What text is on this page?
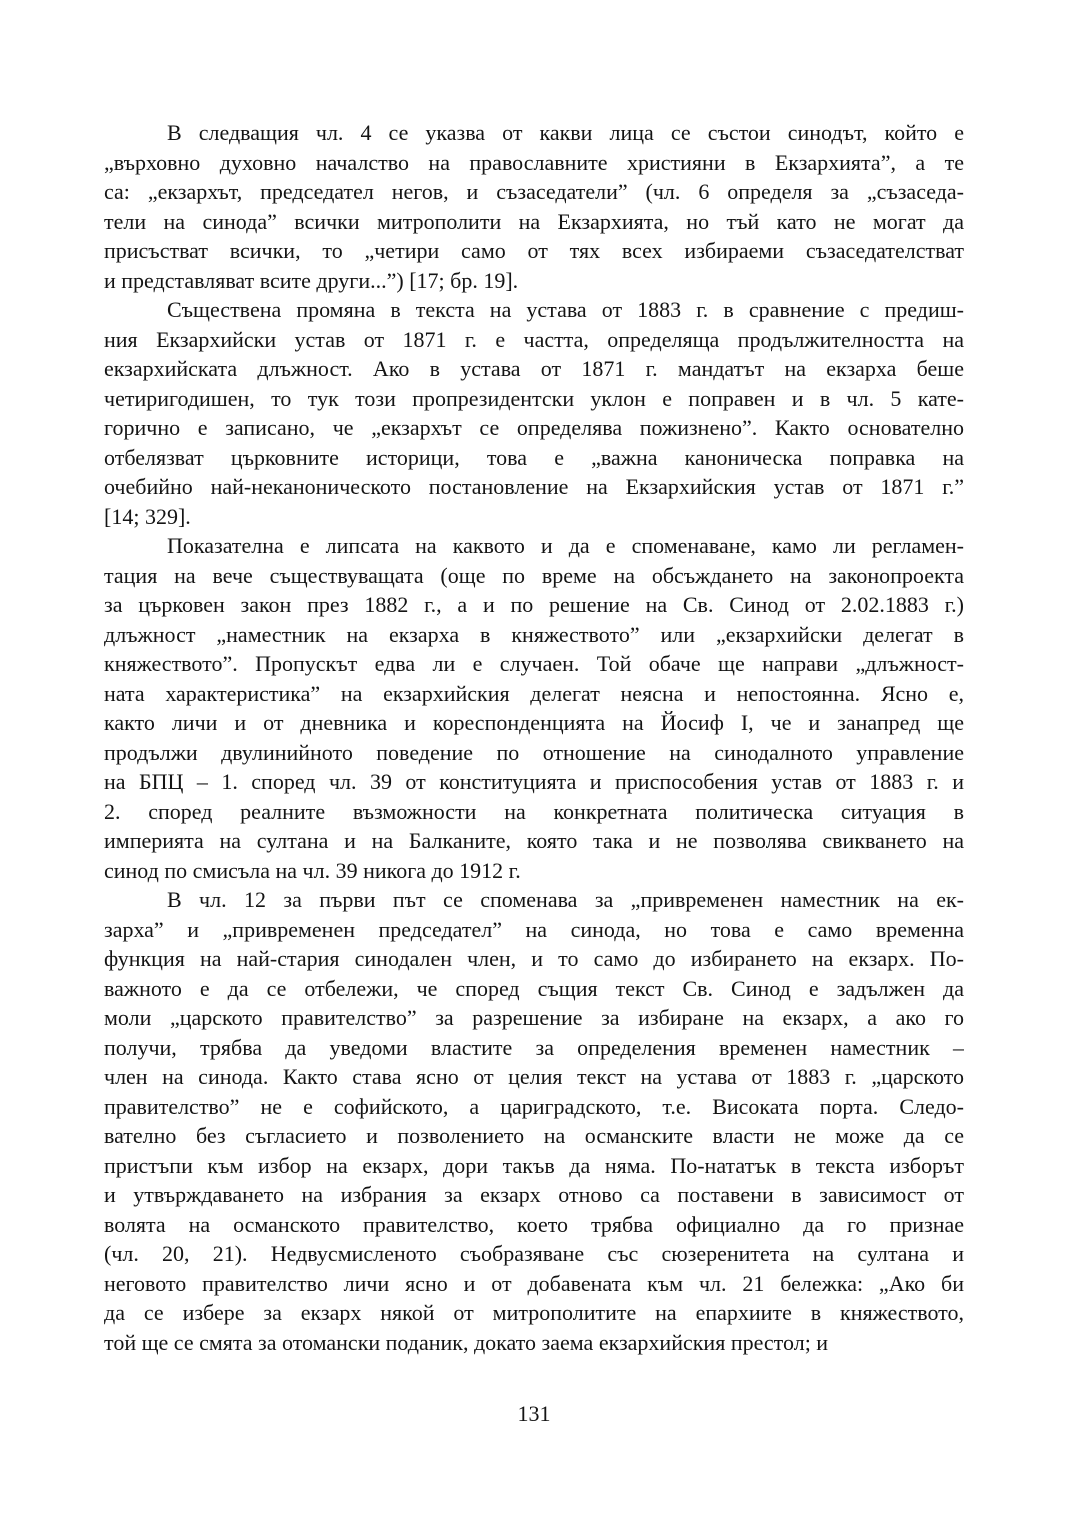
В следващия чл. 4 се указва от какви лица се състои синодът, който е
„върховно духовно началство на православните християни в Екзархията”, а те
са: „екзархът, председател негов, и съзаседатели” (чл. 6 определя за „съзаседа-
тели на синода” всички митрополити на Екзархията, но тъй като не могат да
присъстват всички, то „четири само от тях всех избираеми съзаседателстват
и представляват всите други...”) [17; бр. 19].
Съществена промяна в текста на устава от 1883 г. в сравнение с предиш-
ния Екзархийски устав от 1871 г. е частта, определяща продължителността на
екзархийската длъжност. Ако в устава от 1871 г. мандатът на екзарха беше
четиригодишен, то тук този пропрезидентски уклон е поправен и в чл. 5 кате-
горично е записано, че „екзархът се определява пожизнено”. Както основателно
отбелязват църковните историци, това е „важна каноническа поправка на
очебийно най-неканоническото постановление на Екзархийския устав от 1871 г.”
[14; 329].
Показателна е липсата на каквото и да е споменаване, камо ли регламен-
тация на вече съществуващата (още по време на обсъждането на законопроекта
за църковен закон през 1882 г., а и по решение на Св. Синод от 2.02.1883 г.)
длъжност „наместник на екзарха в княжеството” или „екзархийски делегат в
княжеството”. Пропускът едва ли е случаен. Той обаче ще направи „длъжност-
ната характеристика” на екзархийския делегат неясна и непостоянна. Ясно е,
както личи и от дневника и кореспонденцията на Йосиф I, че и занапред ще
продължи двулинийното поведение по отношение на синодалното управление
на БПЦ – 1. според чл. 39 от конституцията и приспособения устав от 1883 г. и
2. според реалните възможности на конкретната политическа ситуация в
империята на султана и на Балканите, която така и не позволява свикването на
синод по смисъла на чл. 39 никога до 1912 г.
В чл. 12 за първи път се споменава за „привременен наместник на ек-
зарха” и „привременен председател” на синода, но това е само временна
функция на най-стария синодален член, и то само до избирането на екзарх. По-
важното е да се отбележи, че според същия текст Св. Синод е задължен да
моли „царското правителство” за разрешение за избиране на екзарх, а ако го
получи, трябва да уведоми властите за определения временен наместник –
член на синода. Както става ясно от целия текст на устава от 1883 г. „царското
правителство” не е софийското, а цариградското, т.е. Високата порта. Следо-
вателно без съгласието и позволението на османските власти не може да се
пристъпи към избор на екзарх, дори такъв да няма. По-нататък в текста изборът
и утвърждаването на избрания за екзарх отново са поставени в зависимост от
волята на османското правителство, което трябва официално да го признае
(чл. 20, 21). Недвусмисленото съобразяване със сюзеренитета на султана и
неговото правителство личи ясно и от добавената към чл. 21 бележка: „Ако би
да се избере за екзарх някой от митрополитите на епархиите в княжеството,
той ще се смята за отомански поданик, докато заема екзархийския престол; и
131
